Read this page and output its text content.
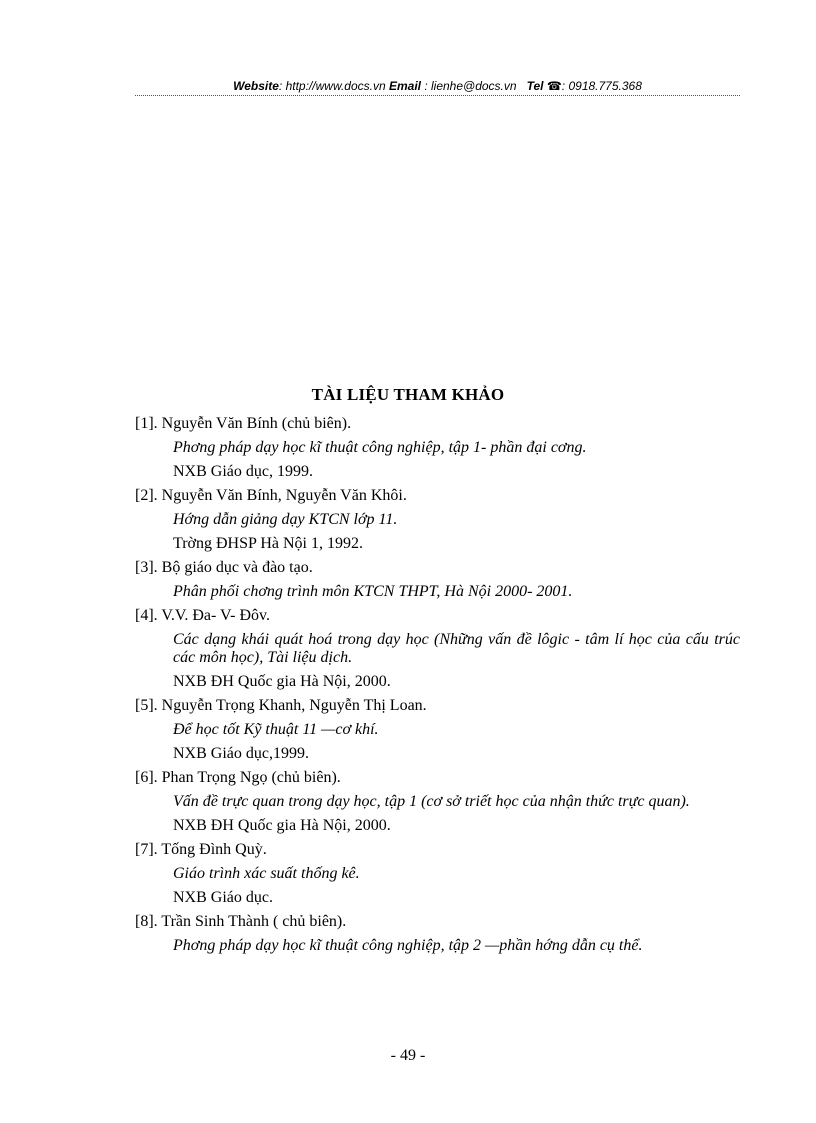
Website: http://www.docs.vn Email : lienhe@docs.vn Tel ☎: 0918.775.368
TÀI LIỆU THAM KHẢO
[1]. Nguyễn Văn Bính (chủ biên).
Phơng pháp dạy học kĩ thuật công nghiệp, tập 1- phần đại cơng.
NXB Giáo dục, 1999.
[2]. Nguyễn Văn Bính, Nguyễn Văn Khôi.
Hớng dẫn giảng dạy KTCN lớp 11.
Trờng ĐHSP Hà Nội 1, 1992.
[3]. Bộ giáo dục và đào tạo.
Phân phối chơng trình môn KTCN THPT, Hà Nội 2000- 2001.
[4]. V.V. Đa- V- Đôv.
Các dạng khái quát hoá trong dạy học (Những vấn đề lôgic - tâm lí học của cấu trúc các môn học), Tài liệu dịch.
NXB ĐH Quốc gia Hà Nội, 2000.
[5]. Nguyễn Trọng Khanh, Nguyễn Thị Loan.
Để học tốt Kỹ thuật 11 —cơ khí.
NXB Giáo dục,1999.
[6]. Phan Trọng Ngọ (chủ biên).
Vấn đề trực quan trong dạy học, tập 1 (cơ sở triết học của nhận thức trực quan).
NXB ĐH Quốc gia Hà Nội, 2000.
[7]. Tống Đình Quỳ.
Giáo trình xác suất thống kê.
NXB Giáo dục.
[8]. Trần Sinh Thành ( chủ biên).
Phơng pháp dạy học kĩ thuật công nghiệp, tập 2 —phần hớng dẫn cụ thể.
- 49 -
